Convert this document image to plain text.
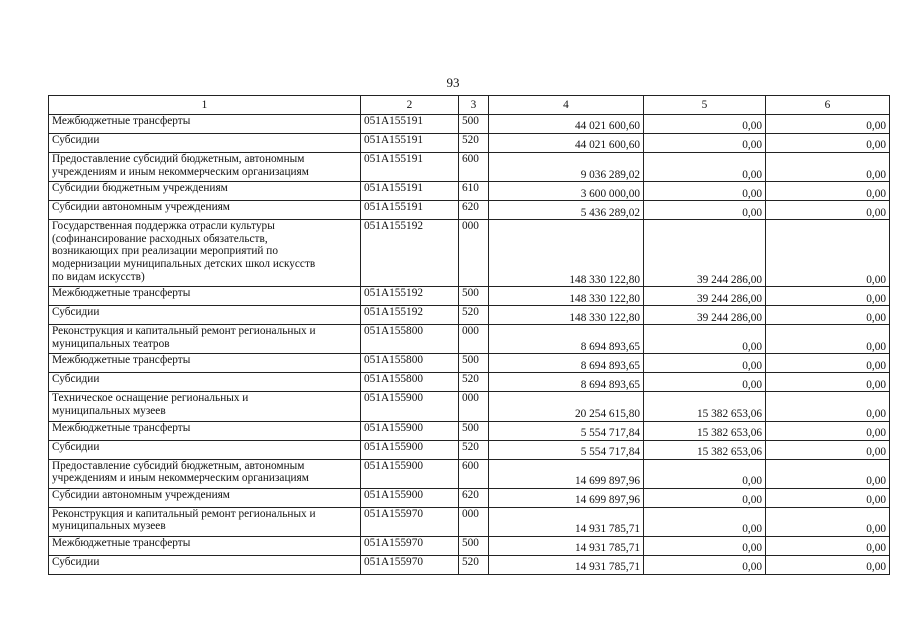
93
1	2	3	4	5	6

Межбюджетные трансферты	051A155191	500	44 021 600,60	0,00	0,00

Субсидии	051A155191	520	44 021 600,60	0,00	0,00

Предоставление субсидий бюджетным, автономным
учреждениям и иным некоммерческим организациям	051A155191	600	9 036 289,02	0,00	0,00

Субсидии бюджетным учреждениям	051A155191	610	3 600 000,00	0,00	0,00

Субсидии автономным учреждениям	051A155191	620	5 436 289,02	0,00	0,00

Государственная поддержка отрасли культуры
(софинансирование расходных обязательств,
возникающих при реализации мероприятий по
модернизации муниципальных детских школ искусств
по видам искусств)	051A155192	000	148 330 122,80	39 244 286,00	0,00

Межбюджетные трансферты	051A155192	500	148 330 122,80	39 244 286,00	0,00

Субсидии	051A155192	520	148 330 122,80	39 244 286,00	0,00

Реконструкция и капитальный ремонт региональных и
муниципальных театров	051A155800	000	8 694 893,65	0,00	0,00

Межбюджетные трансферты	051A155800	500	8 694 893,65	0,00	0,00

Субсидии	051A155800	520	8 694 893,65	0,00	0,00

Техническое оснащение региональных и
муниципальных музеев	051A155900	000	20 254 615,80	15 382 653,06	0,00

Межбюджетные трансферты	051A155900	500	5 554 717,84	15 382 653,06	0,00

Субсидии	051A155900	520	5 554 717,84	15 382 653,06	0,00

Предоставление субсидий бюджетным, автономным
учреждениям и иным некоммерческим организациям	051A155900	600	14 699 897,96	0,00	0,00

Субсидии автономным учреждениям	051A155900	620	14 699 897,96	0,00	0,00

Реконструкция и капитальный ремонт региональных и
муниципальных музеев	051A155970	000	14 931 785,71	0,00	0,00

Межбюджетные трансферты	051A155970	500	14 931 785,71	0,00	0,00

Субсидии	051A155970	520	14 931 785,71	0,00	0,00
